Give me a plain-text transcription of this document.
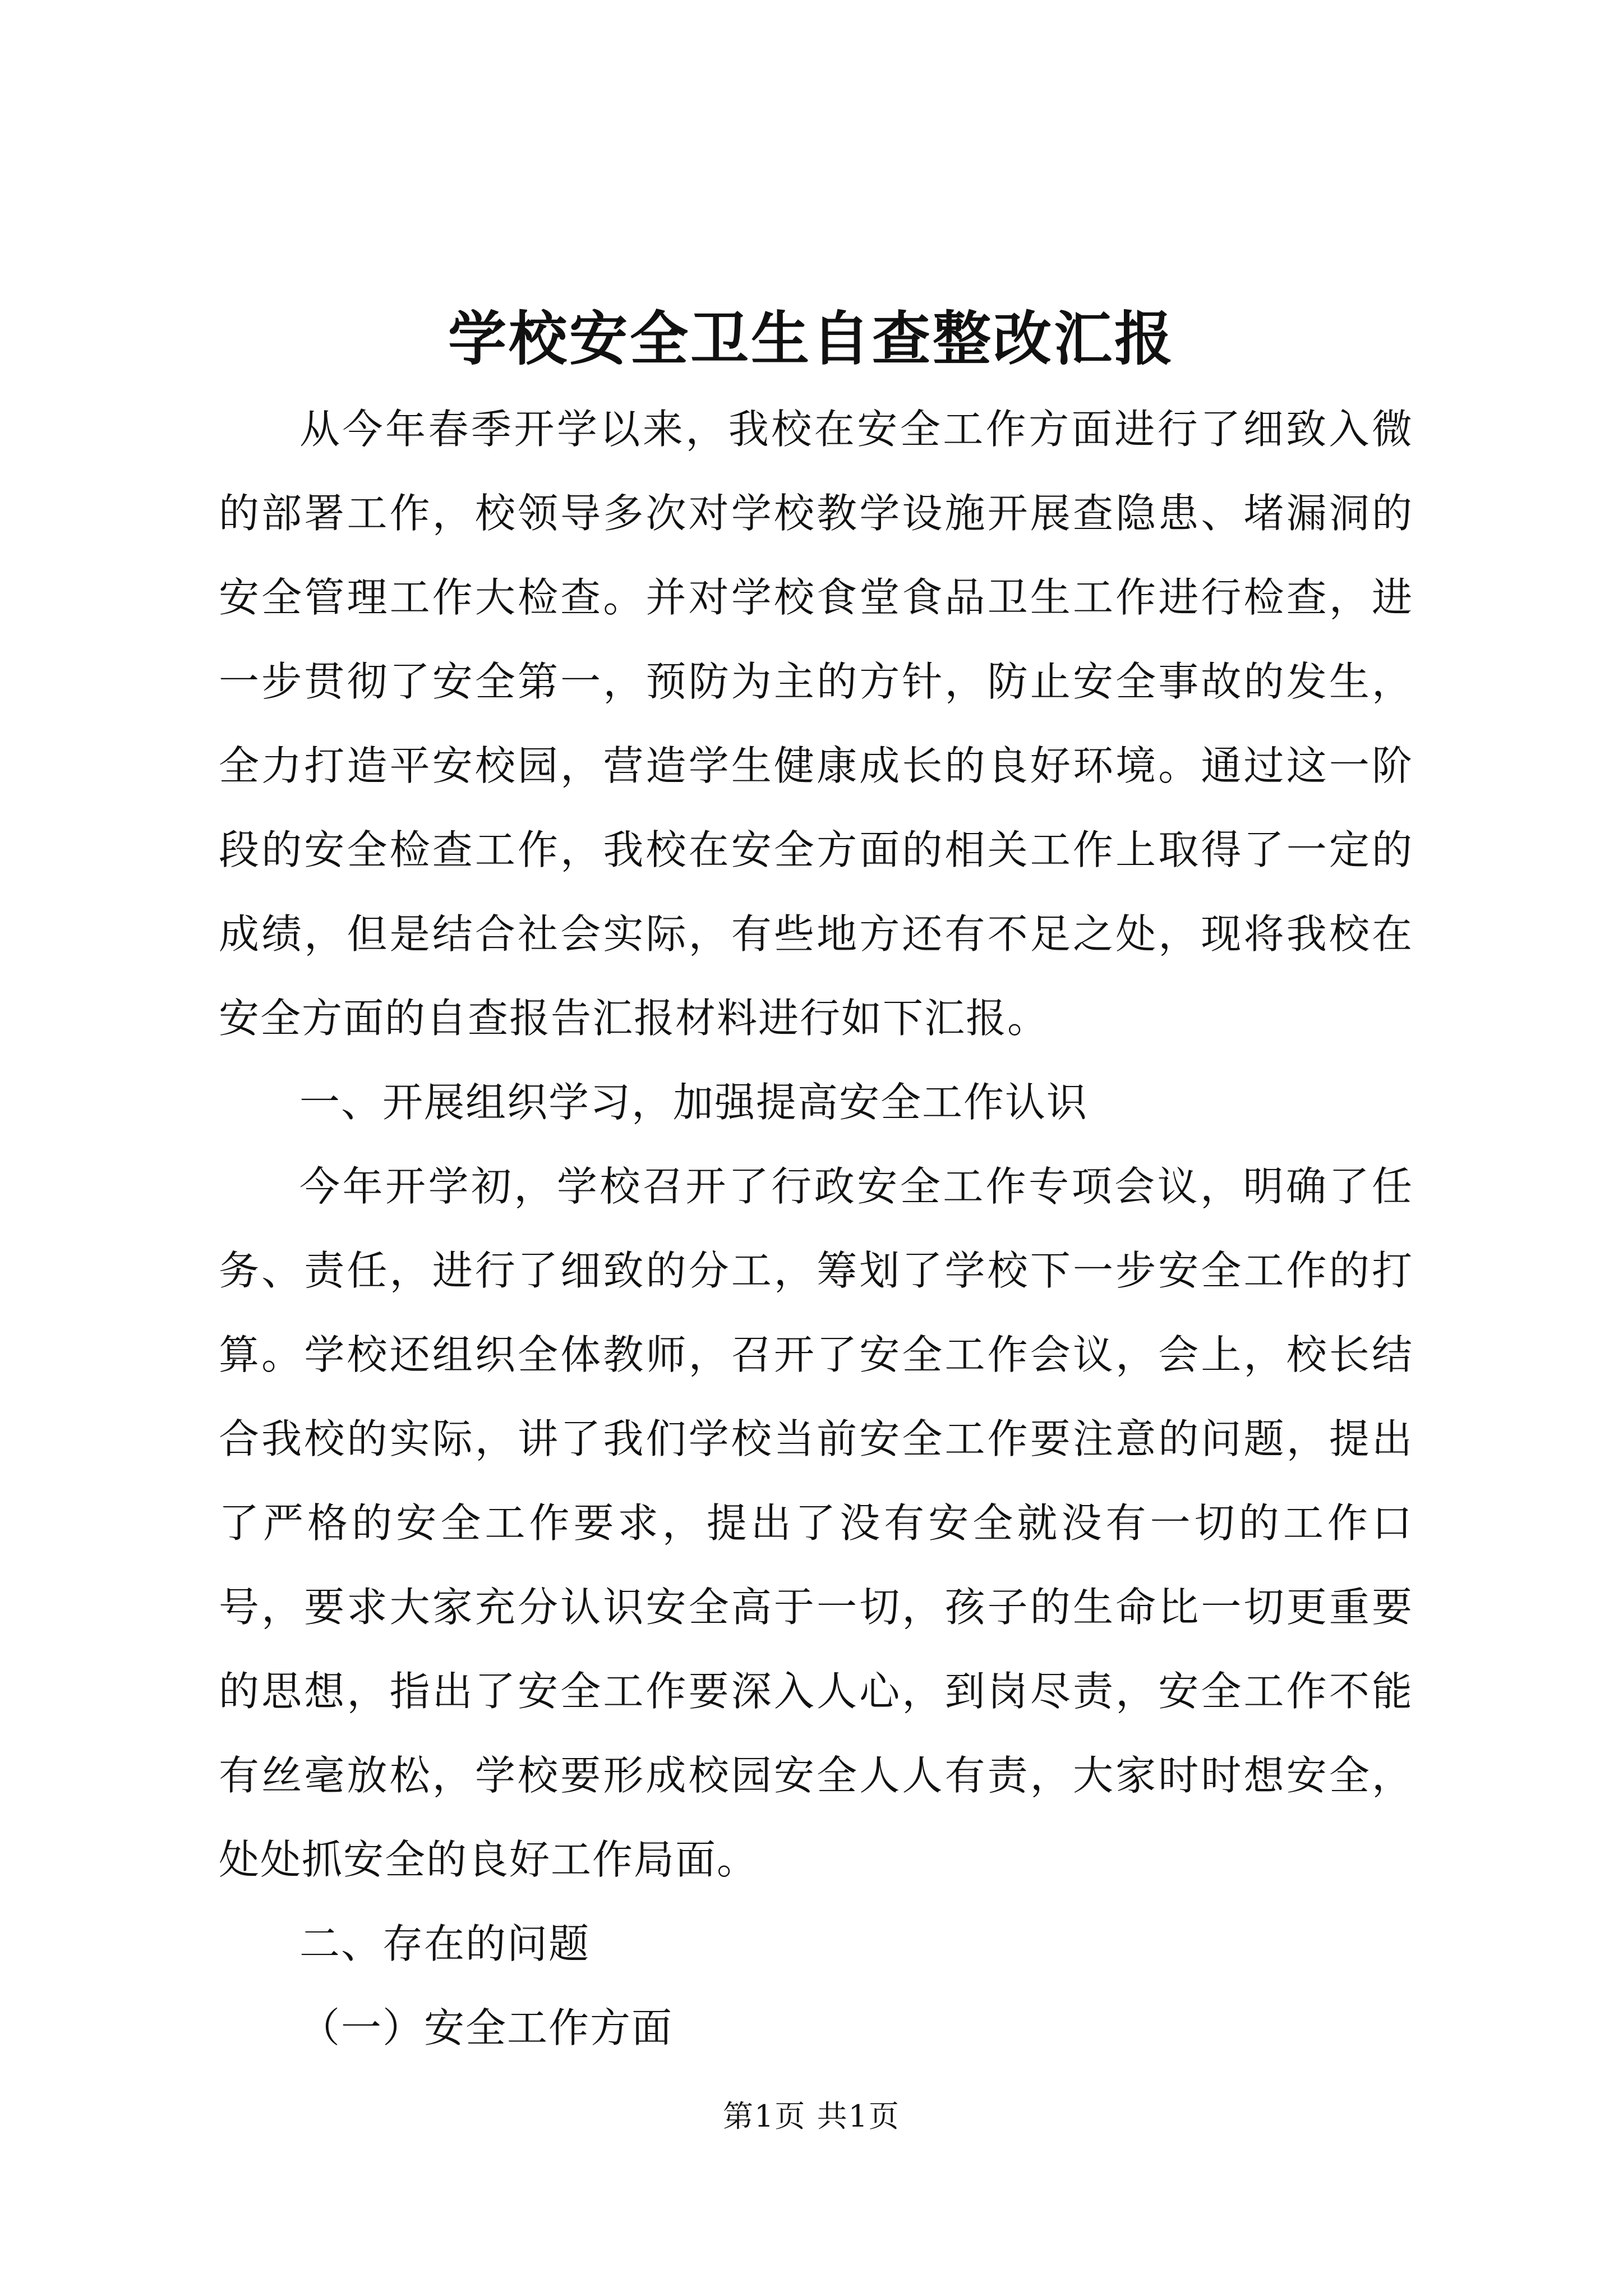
学校安全卫生自查整改汇报

从今年春季开学以来，我校在安全工作方面进行了细致入微的部署工作，校领导多次对学校教学设施开展查隐患、堵漏洞的安全管理工作大检查。并对学校食堂食品卫生工作进行检查，进一步贯彻了安全第一，预防为主的方针，防止安全事故的发生，全力打造平安校园，营造学生健康成长的良好环境。通过这一阶段的安全检查工作，我校在安全方面的相关工作上取得了一定的成绩，但是结合社会实际，有些地方还有不足之处，现将我校在安全方面的自查报告汇报材料进行如下汇报。

一、开展组织学习，加强提高安全工作认识

今年开学初，学校召开了行政安全工作专项会议，明确了任务、责任，进行了细致的分工，筹划了学校下一步安全工作的打算。学校还组织全体教师，召开了安全工作会议，会上，校长结合我校的实际，讲了我们学校当前安全工作要注意的问题，提出了严格的安全工作要求，提出了没有安全就没有一切的工作口号，要求大家充分认识安全高于一切，孩子的生命比一切更重要的思想，指出了安全工作要深入人心，到岗尽责，安全工作不能有丝毫放松，学校要形成校园安全人人有责，大家时时想安全，处处抓安全的良好工作局面。

二、存在的问题

（一）安全工作方面

第1页 共1页
